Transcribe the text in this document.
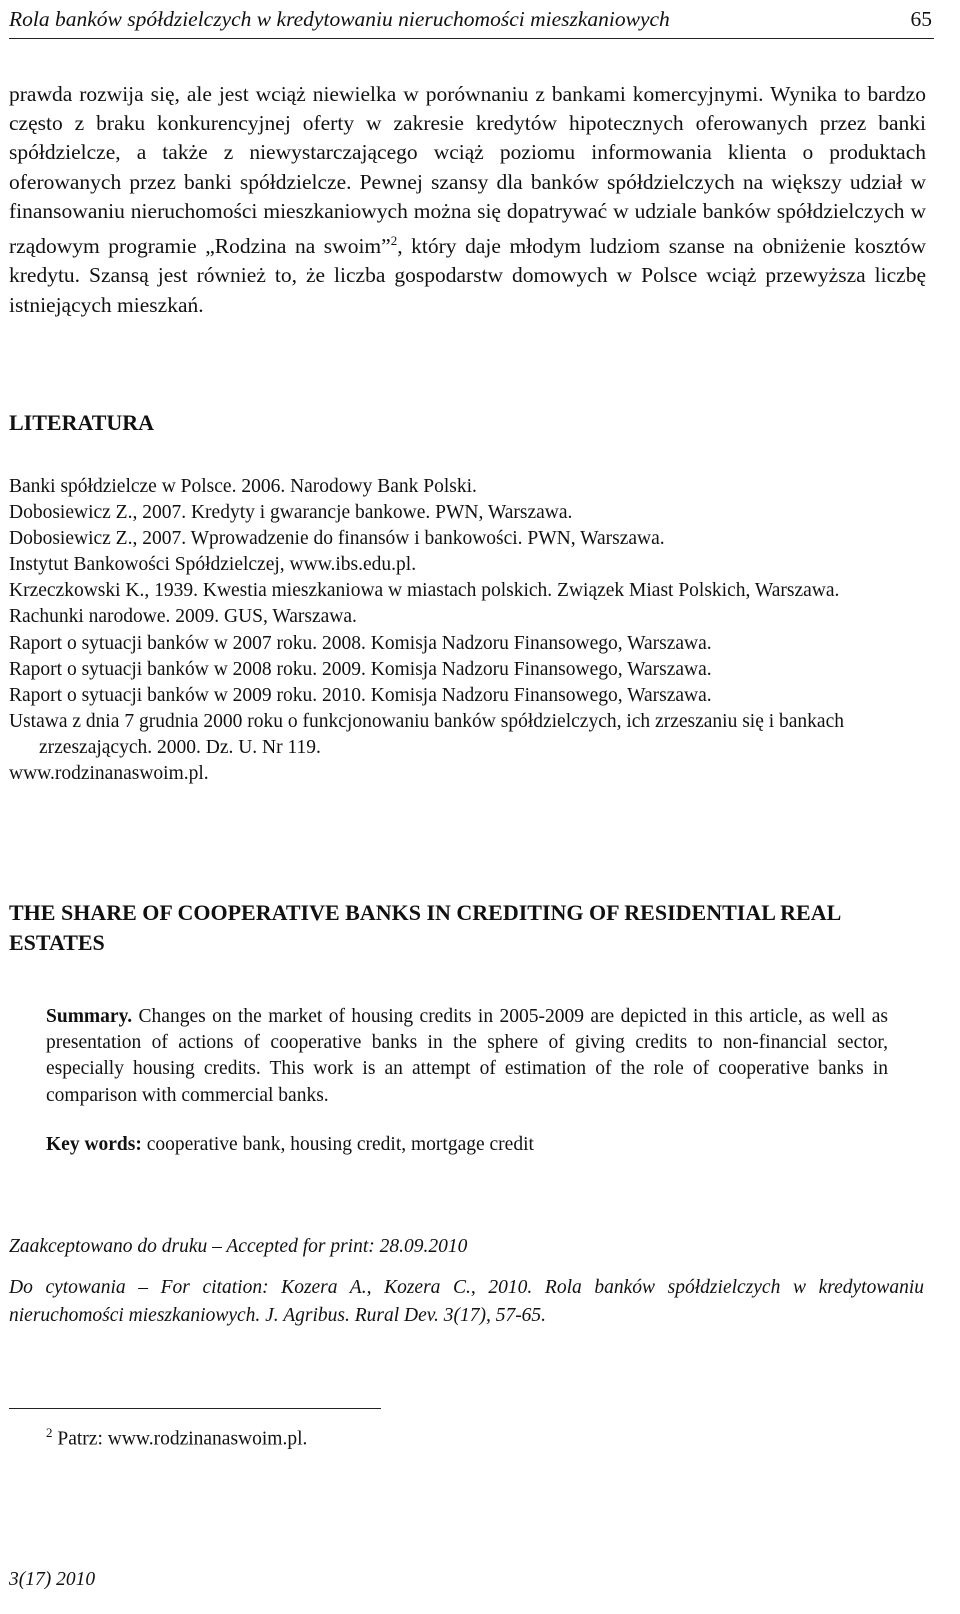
Rola banków spółdzielczych w kredytowaniu nieruchomości mieszkaniowych	65

prawda rozwija się, ale jest wciąż niewielka w porównaniu z bankami komercyjnymi. Wynika to bardzo często z braku konkurencyjnej oferty w zakresie kredytów hipotecznych oferowanych przez banki spółdzielcze, a także z niewystarczającego wciąż poziomu informowania klienta o produktach oferowanych przez banki spółdzielcze. Pewnej szansy dla banków spółdzielczych na większy udział w finansowaniu nieruchomości mieszkaniowych można się dopatrywać w udziale banków spółdzielczych w rządowym programie „Rodzina na swoim”$^2$, który daje młodym ludziom szanse na obniżenie kosztów kredytu. Szansą jest również to, że liczba gospodarstw domowych w Polsce wciąż przewyższa liczbę istniejących mieszkań.

LITERATURA
Banki spółdzielcze w Polsce. 2006. Narodowy Bank Polski.
Dobosiewicz Z., 2007. Kredyty i gwarancje bankowe. PWN, Warszawa.
Dobosiewicz Z., 2007. Wprowadzenie do finansów i bankowości. PWN, Warszawa.
Instytut Bankowości Spółdzielczej, www.ibs.edu.pl.
Krzeczkowski K., 1939. Kwestia mieszkaniowa w miastach polskich. Związek Miast Polskich, Warszawa.
Rachunki narodowe. 2009. GUS, Warszawa.
Raport o sytuacji banków w 2007 roku. 2008. Komisja Nadzoru Finansowego, Warszawa.
Raport o sytuacji banków w 2008 roku. 2009. Komisja Nadzoru Finansowego, Warszawa.
Raport o sytuacji banków w 2009 roku. 2010. Komisja Nadzoru Finansowego, Warszawa.
Ustawa z dnia 7 grudnia 2000 roku o funkcjonowaniu banków spółdzielczych, ich zrzeszaniu się i bankach zrzeszających. 2000. Dz. U. Nr 119.
www.rodzinanaswoim.pl.
THE SHARE OF COOPERATIVE BANKS IN CREDITING OF RESIDENTIAL REAL ESTATES

Summary. Changes on the market of housing credits in 2005-2009 are depicted in this article, as well as presentation of actions of cooperative banks in the sphere of giving credits to non-financial sector, especially housing credits. This work is an attempt of estimation of the role of cooperative banks in comparison with commercial banks.

Key words: cooperative bank, housing credit, mortgage credit

Zaakceptowano do druku – Accepted for print: 28.09.2010

Do cytowania – For citation: Kozera A., Kozera C., 2010. Rola banków spółdzielczych w kredytowaniu nieruchomości mieszkaniowych. J. Agribus. Rural Dev. 3(17), 57-65.

$^2$ Patrz: www.rodzinanaswoim.pl.

3(17) 2010
